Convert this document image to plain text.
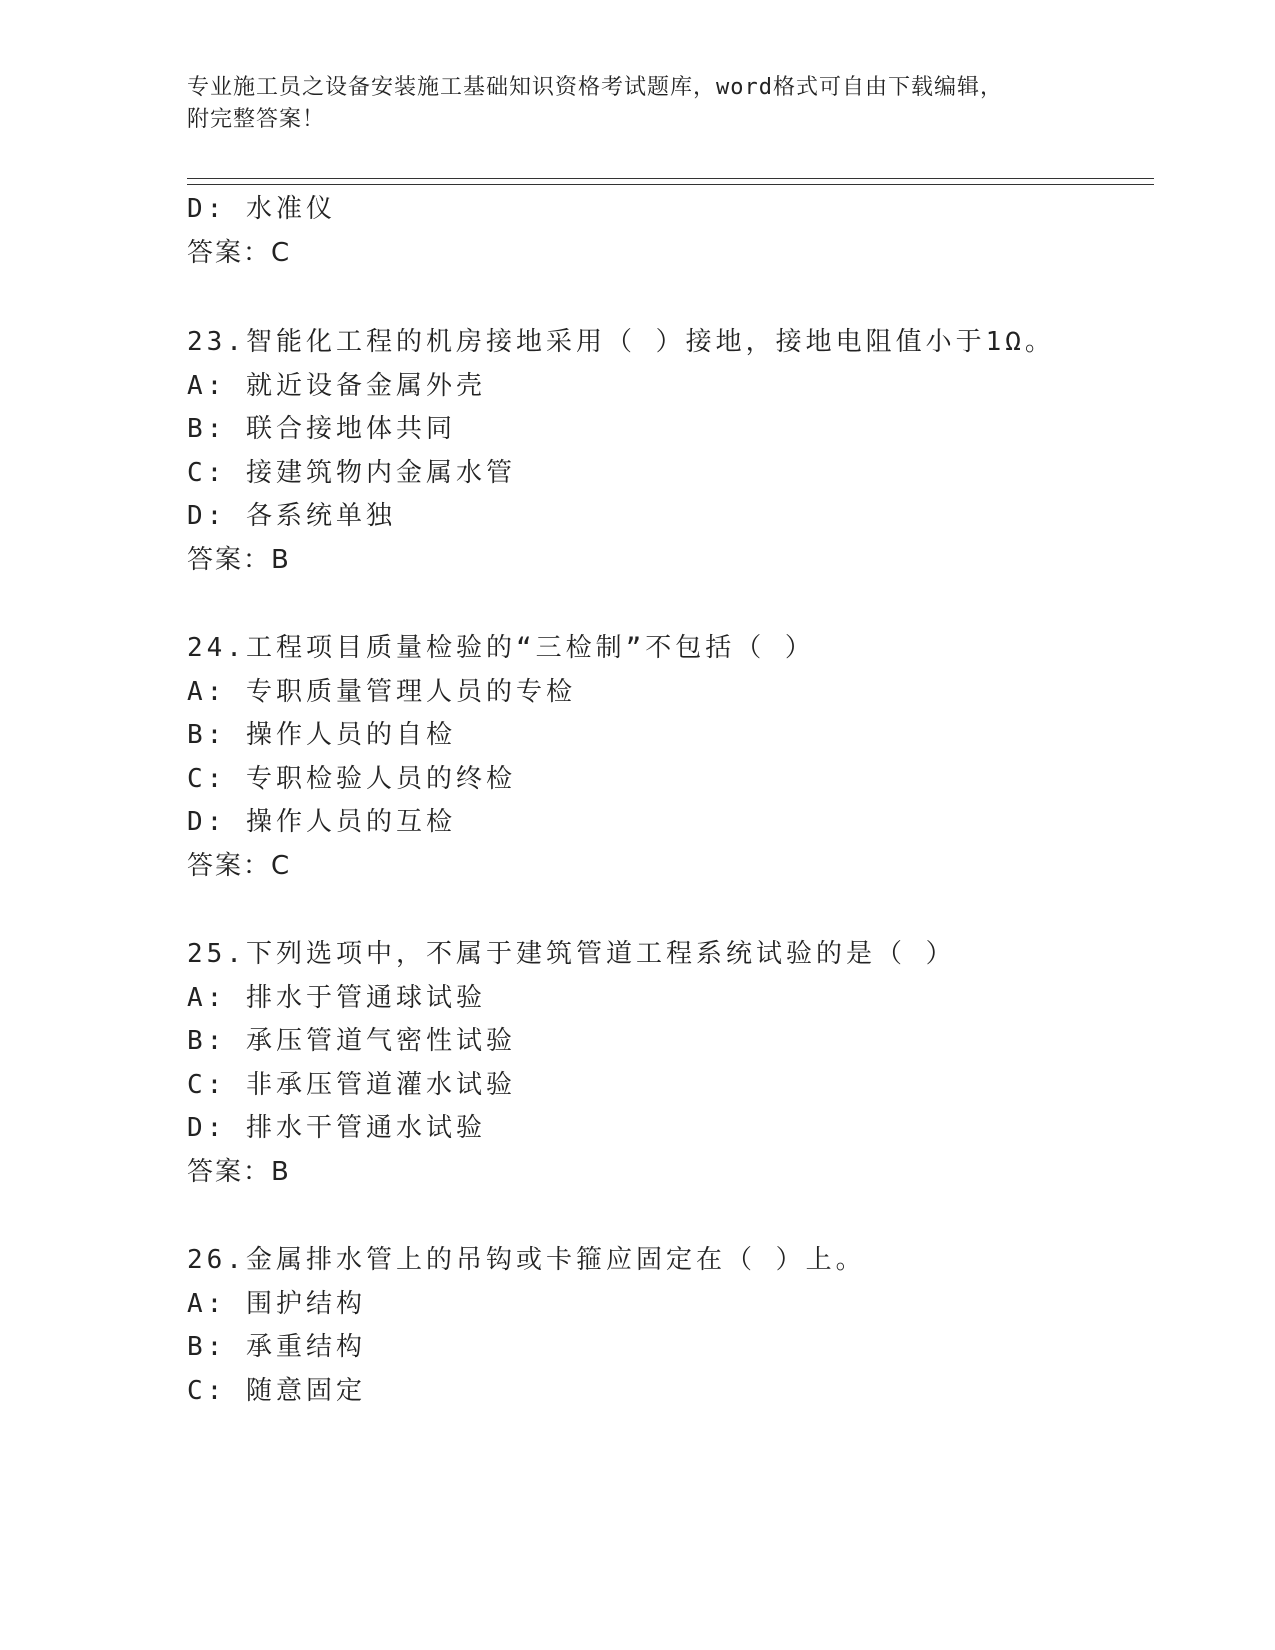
专业施工员之设备安装施工基础知识资格考试题库，word格式可自由下载编辑，
附完整答案！
D: 水准仪
答案：C
23.智能化工程的机房接地采用（ ）接地，接地电阻值小于1Ω。
A: 就近设备金属外壳
B: 联合接地体共同
C: 接建筑物内金属水管
D: 各系统单独
答案：B
24.工程项目质量检验的“三检制”不包括（ ）
A: 专职质量管理人员的专检
B: 操作人员的自检
C: 专职检验人员的终检
D: 操作人员的互检
答案：C
25.下列选项中，不属于建筑管道工程系统试验的是（ ）
A: 排水于管通球试验
B: 承压管道气密性试验
C: 非承压管道灌水试验
D: 排水干管通水试验
答案：B
26.金属排水管上的吊钩或卡箍应固定在（ ）上。
A: 围护结构
B: 承重结构
C: 随意固定
